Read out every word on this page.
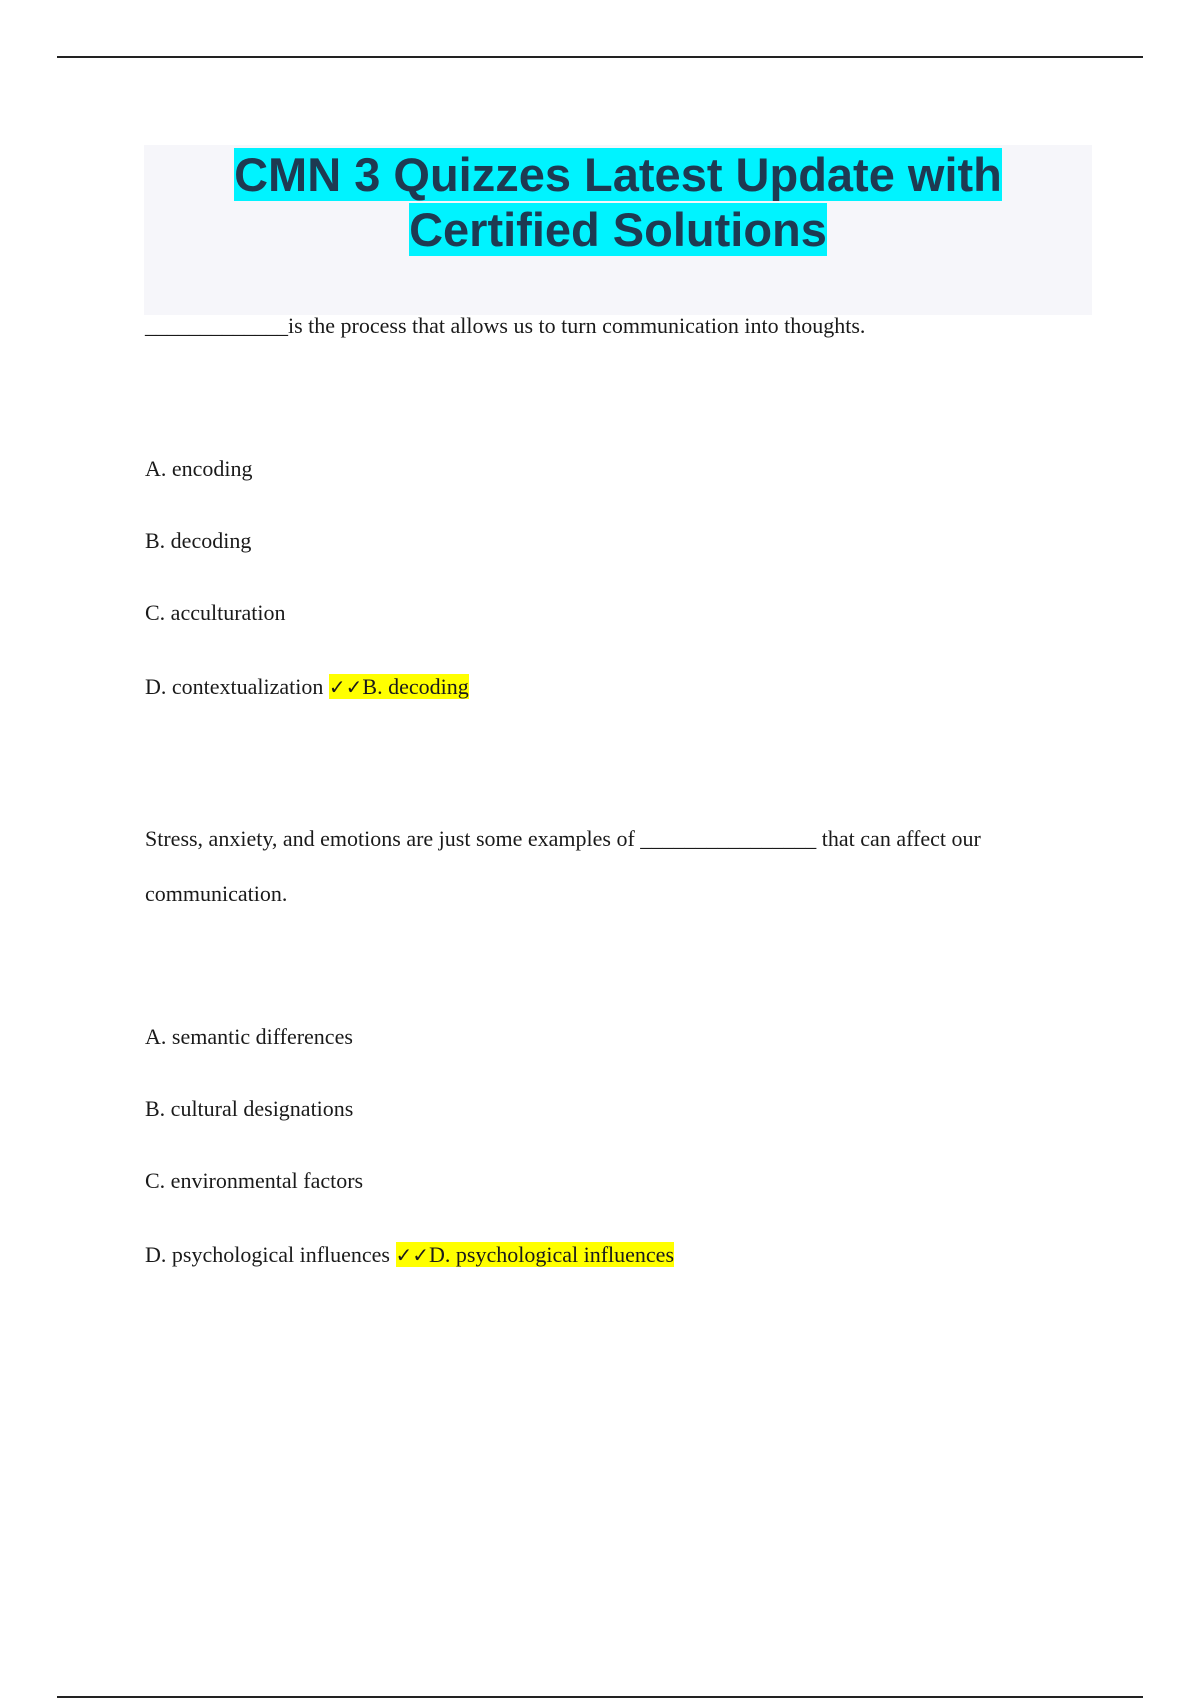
CMN 3 Quizzes Latest Update with
Certified Solutions
_____________is the process that allows us to turn communication into thoughts.
A. encoding
B. decoding
C. acculturation
D. contextualization ✓✓B. decoding
Stress, anxiety, and emotions are just some examples of ________________ that can affect our
communication.
A. semantic differences
B. cultural designations
C. environmental factors
D. psychological influences ✓✓D. psychological influences
